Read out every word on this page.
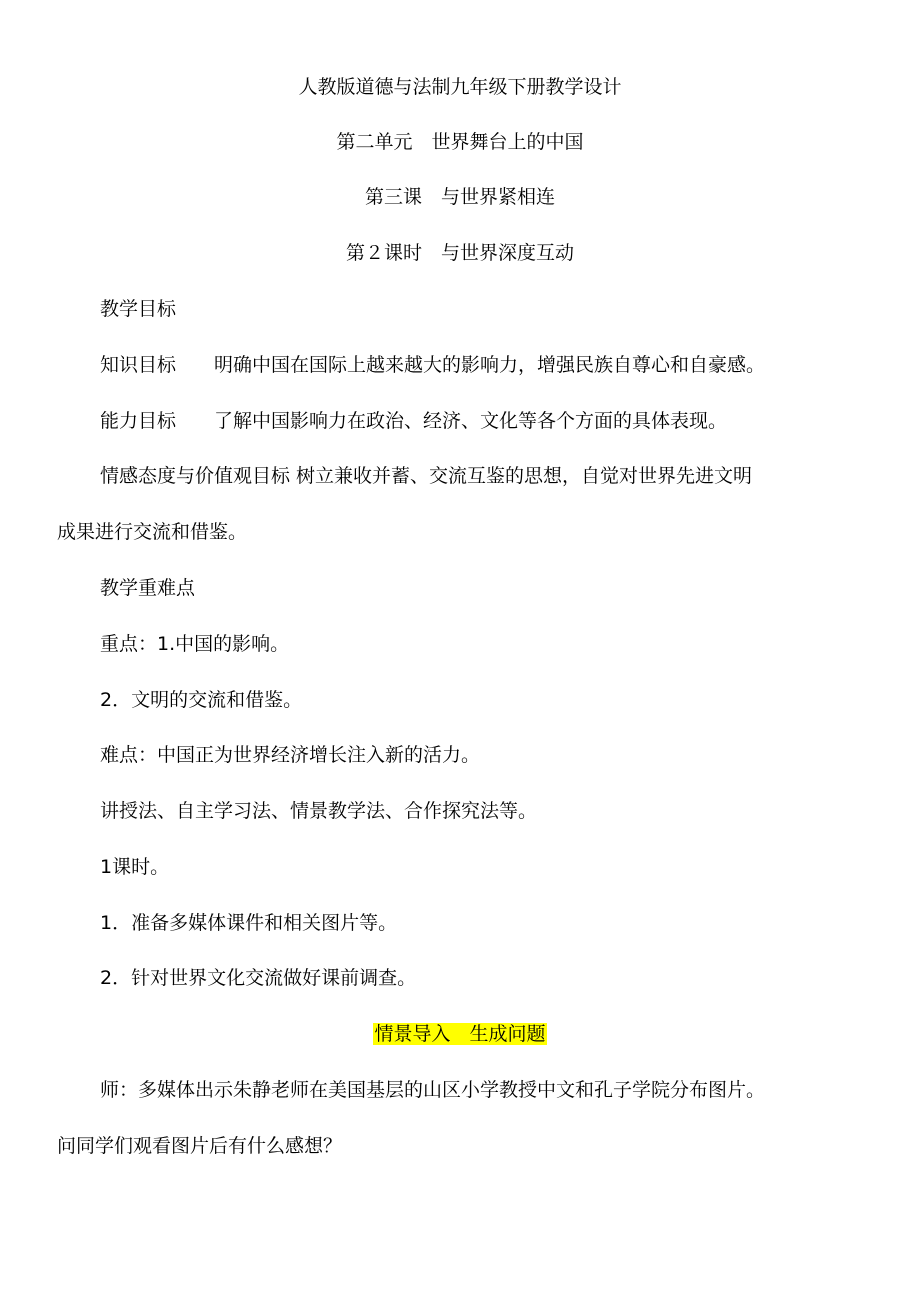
人教版道德与法制九年级下册教学设计
第二单元　世界舞台上的中国
第三课　与世界紧相连
第２课时　与世界深度互动
教学目标
知识目标 明确中国在国际上越来越大的影响力，增强民族自尊心和自豪感。
能力目标 了解中国影响力在政治、经济、文化等各个方面的具体表现。
情感态度与价值观目标 树立兼收并蓄、交流互鉴的思想，自觉对世界先进文明
成果进行交流和借鉴。
教学重难点
重点：1.中国的影响。
2．文明的交流和借鉴。
难点：中国正为世界经济增长注入新的活力。
讲授法、自主学习法、情景教学法、合作探究法等。
1课时。
1．准备多媒体课件和相关图片等。
2．针对世界文化交流做好课前调查。
情景导入　生成问题
师：多媒体出示朱静老师在美国基层的山区小学教授中文和孔子学院分布图片。
问同学们观看图片后有什么感想？
